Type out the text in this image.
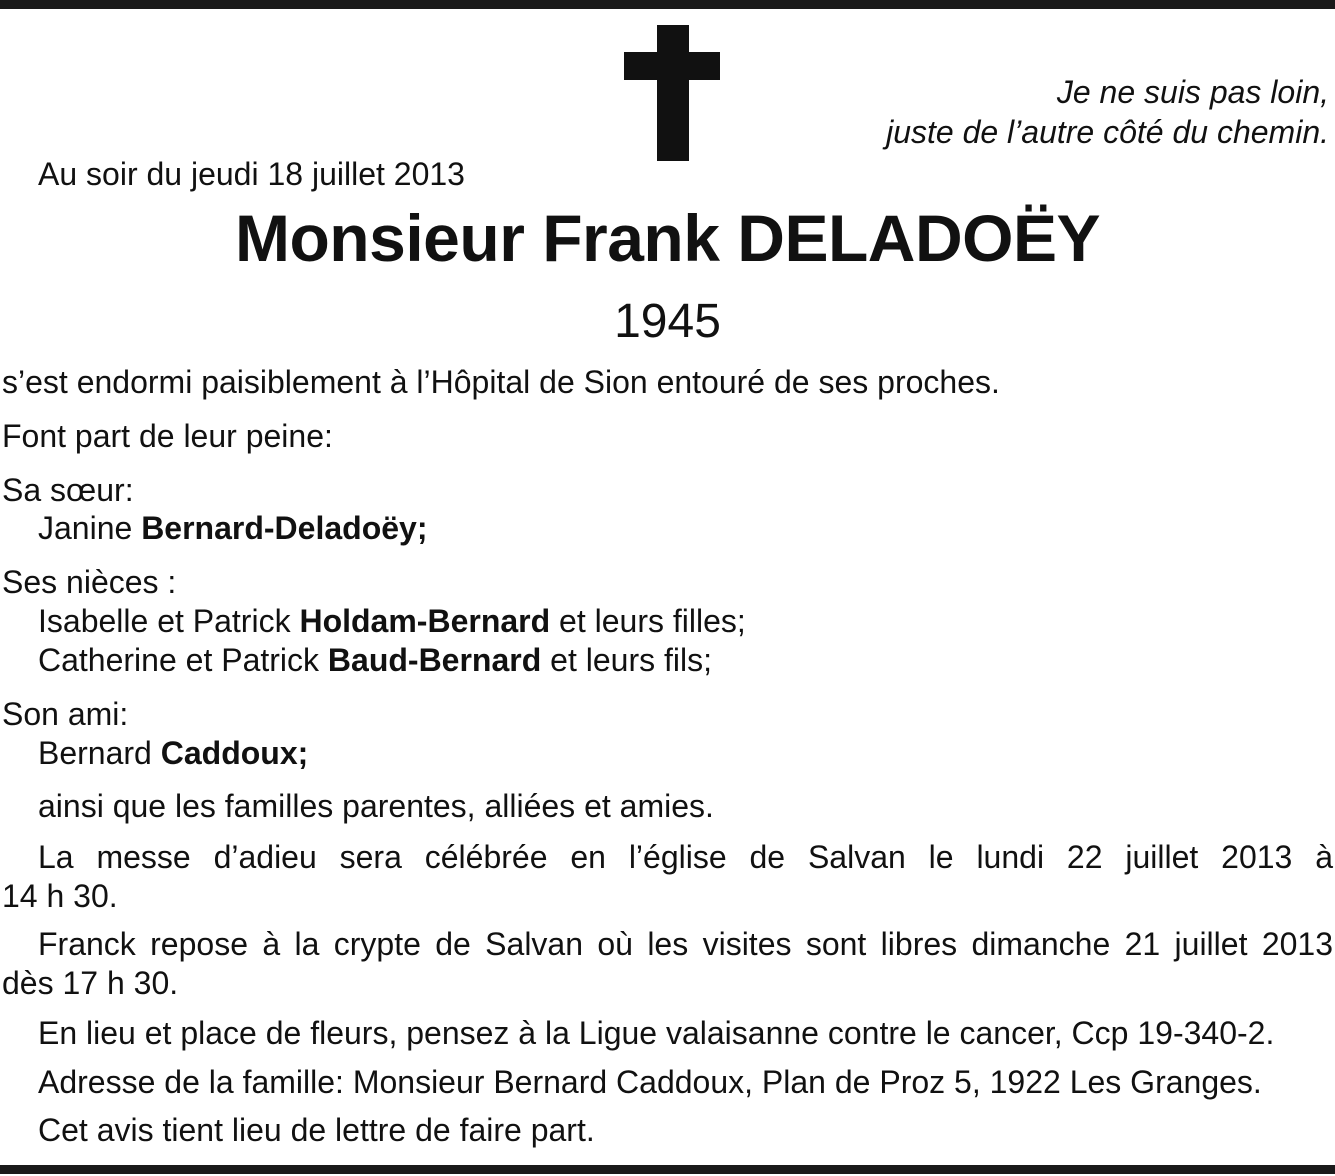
Je ne suis pas loin,
juste de l’autre côté du chemin.
Au soir du jeudi 18 juillet 2013
Monsieur Frank DELADOËY
1945
s’est endormi paisiblement à l’Hôpital de Sion entouré de ses proches.
Font part de leur peine:
Sa sœur:
Janine Bernard-Deladoëy;
Ses nièces :
Isabelle et Patrick Holdam-Bernard et leurs filles;
Catherine et Patrick Baud-Bernard et leurs fils;
Son ami:
Bernard Caddoux;
ainsi que les familles parentes, alliées et amies.
La messe d’adieu sera célébrée en l’église de Salvan le lundi 22 juillet 2013 à
14 h 30.
Franck repose à la crypte de Salvan où les visites sont libres dimanche 21 juillet 2013
dès 17 h 30.
En lieu et place de fleurs, pensez à la Ligue valaisanne contre le cancer, Ccp 19-340-2.
Adresse de la famille: Monsieur Bernard Caddoux, Plan de Proz 5, 1922 Les Granges.
Cet avis tient lieu de lettre de faire part.
